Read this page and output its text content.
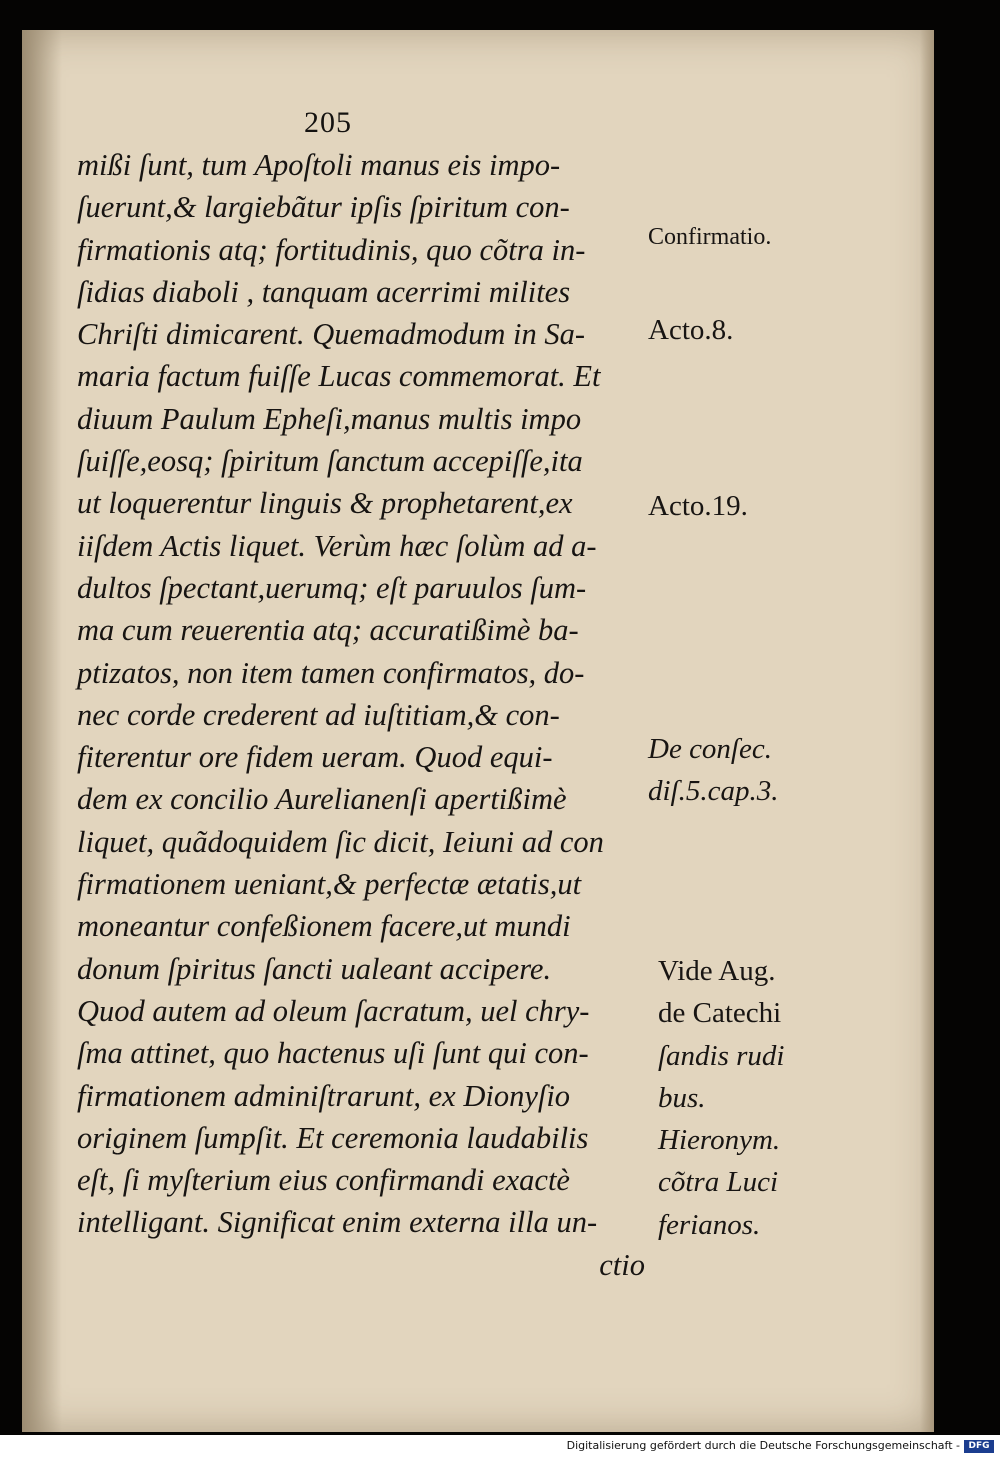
205
mißi ſunt, tum Apoſtoli manus eis impo-
ſuerunt,& largiebãtur ipſis ſpiritum con-
firmationis atq; fortitudinis, quo cõtra in-
ſidias diaboli , tanquam acerrimi milites
Chriſti dimicarent. Quemadmodum in Sa-
maria factum fuiſſe Lucas commemorat. Et
diuum Paulum Epheſi,manus multis impo
ſuiſſe,eosq; ſpiritum ſanctum accepiſſe,ita
ut loquerentur linguis & prophetarent,ex
iiſdem Actis liquet. Verùm hæc ſolùm ad a-
dultos ſpectant,uerumq; eſt paruulos ſum-
ma cum reuerentia atq; accuratißimè ba-
ptizatos, non item tamen confirmatos, do-
nec corde crederent ad iuſtitiam,& con-
fiterentur ore fidem ueram. Quod equi-
dem ex concilio Aurelianenſi apertißimè
liquet, quãdoquidem ſic dicit, Ieiuni ad con
firmationem ueniant,& perfectæ ætatis,ut
moneantur confeßionem facere,ut mundi
donum ſpiritus ſancti ualeant accipere.
Quod autem ad oleum ſacratum, uel chry-
ſma attinet, quo hactenus uſi ſunt qui con-
firmationem adminiſtrarunt, ex Dionyſio
originem ſumpſit. Et ceremonia laudabilis
eſt, ſi myſterium eius confirmandi exactè
intelligant. Significat enim externa illa un-
ctio
Confirmatio.
Acto.8.
Acto.19.
De conſec.
diſ.5.cap.3.
Vide Aug.
de Catechi
ſandis rudi
bus.
Hieronym.
cõtra Luci
ferianos.
Digitalisierung gefördert durch die Deutsche Forschungsgemeinschaft - DFG
